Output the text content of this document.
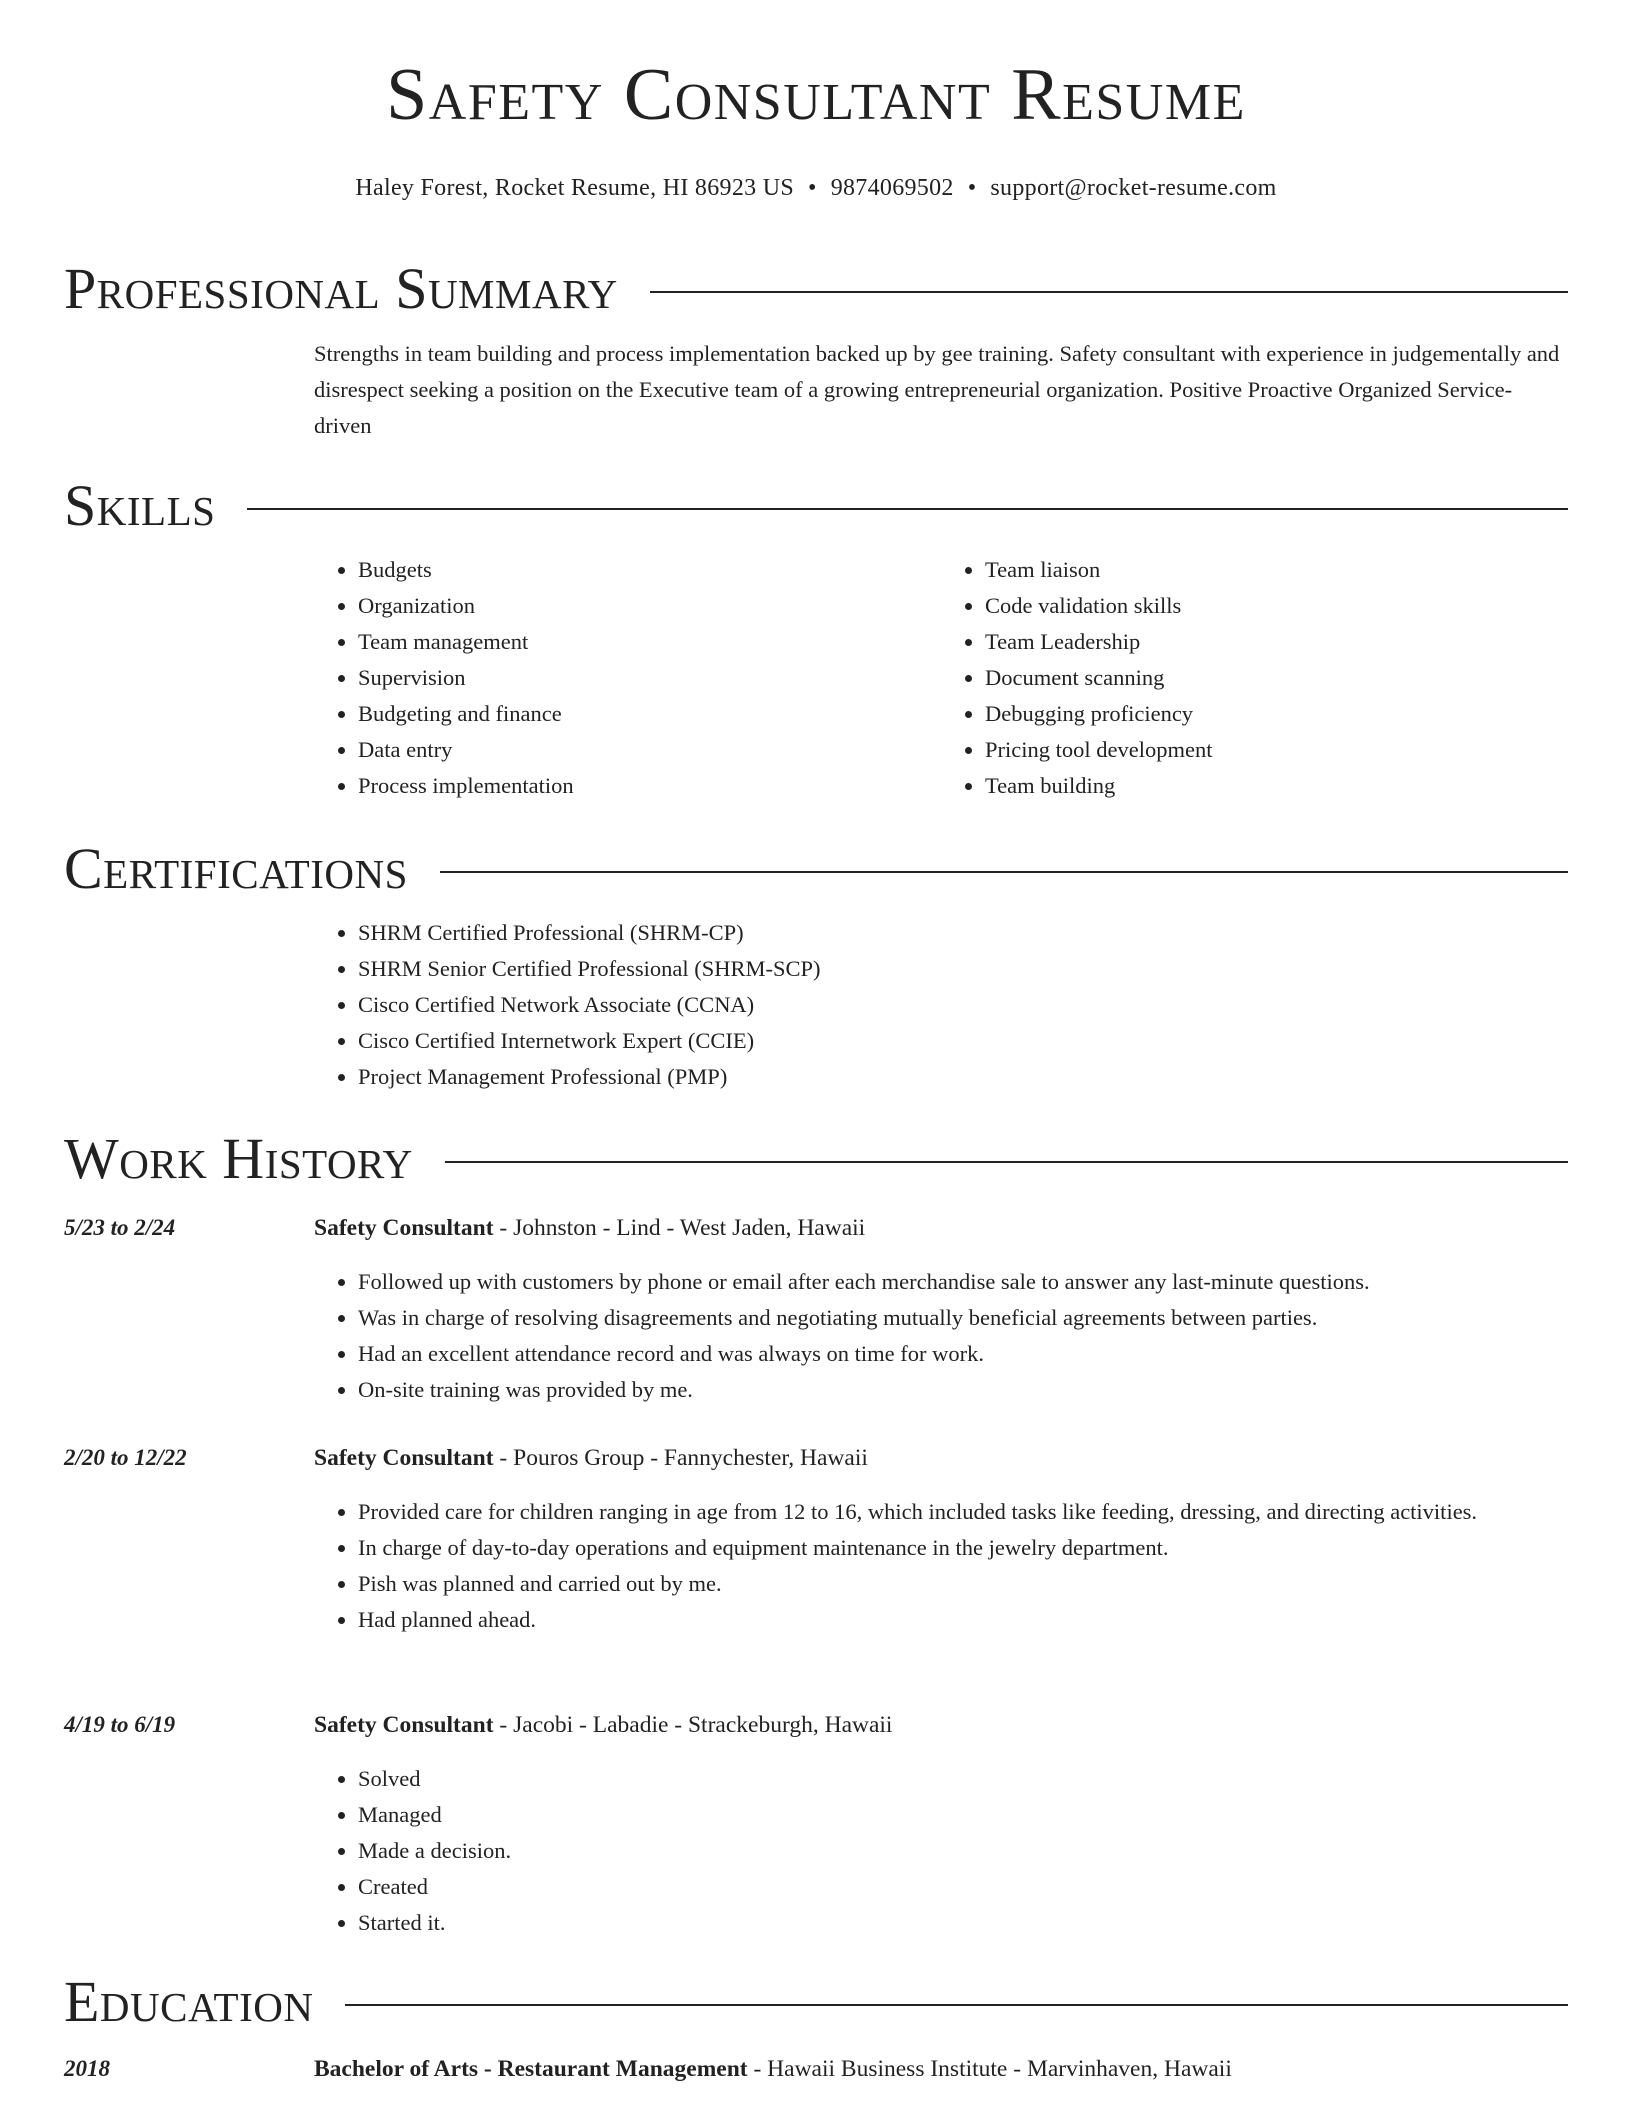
Safety Consultant Resume
Haley Forest, Rocket Resume, HI 86923 US • 9874069502 • support@rocket-resume.com
Professional Summary

Strengths in team building and process implementation backed up by gee training. Safety consultant with experience in judgementally and disrespect seeking a position on the Executive team of a growing entrepreneurial organization. Positive Proactive Organized Service-driven

Skills
• Budgets
• Organization
• Team management
• Supervision
• Budgeting and finance
• Data entry
• Process implementation
• Team liaison
• Code validation skills
• Team Leadership
• Document scanning
• Debugging proficiency
• Pricing tool development
• Team building
Certifications
• SHRM Certified Professional (SHRM-CP)
• SHRM Senior Certified Professional (SHRM-SCP)
• Cisco Certified Network Associate (CCNA)
• Cisco Certified Internetwork Expert (CCIE)
• Project Management Professional (PMP)
Work History
5/23 to 2/24	Safety Consultant - Johnston - Lind - West Jaden, Hawaii
• Followed up with customers by phone or email after each merchandise sale to answer any last-minute questions.
• Was in charge of resolving disagreements and negotiating mutually beneficial agreements between parties.
• Had an excellent attendance record and was always on time for work.
• On-site training was provided by me.
2/20 to 12/22	Safety Consultant - Pouros Group - Fannychester, Hawaii
• Provided care for children ranging in age from 12 to 16, which included tasks like feeding, dressing, and directing activities.
• In charge of day-to-day operations and equipment maintenance in the jewelry department.
• Pish was planned and carried out by me.
• Had planned ahead.
4/19 to 6/19	Safety Consultant - Jacobi - Labadie - Strackeburgh, Hawaii
• Solved
• Managed
• Made a decision.
• Created
• Started it.
Education
2018	Bachelor of Arts - Restaurant Management - Hawaii Business Institute - Marvinhaven, Hawaii
